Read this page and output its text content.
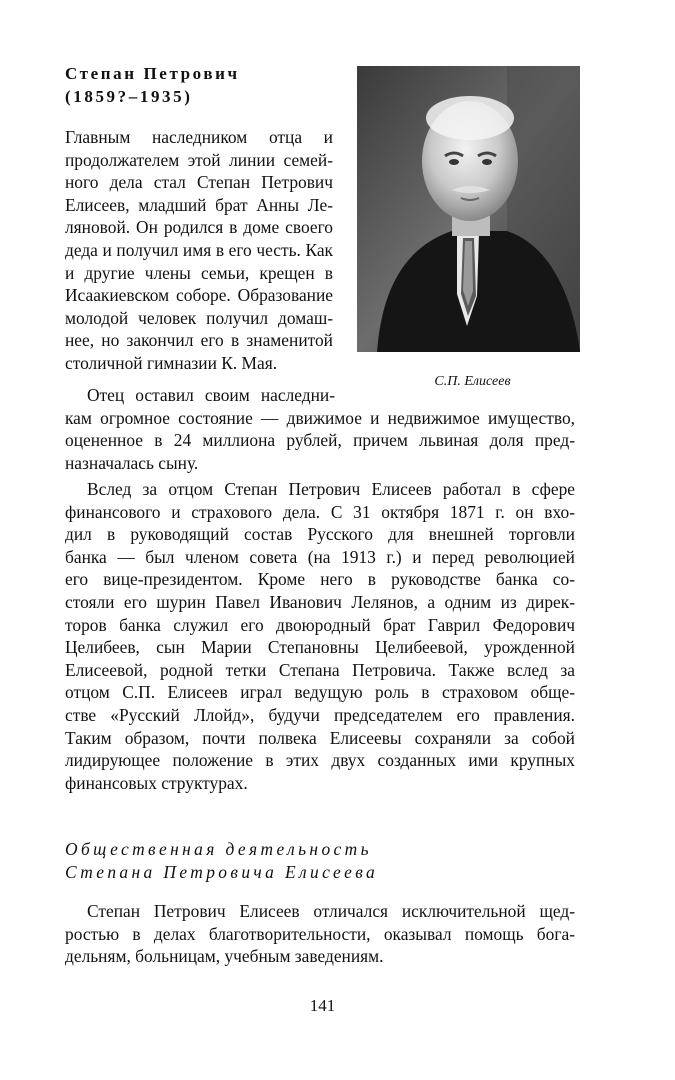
Степан Петрович

(1859?–1935)

С.П. Елисеев
Главным наследником отца и
продолжателем этой линии семей-
ного дела стал Степан Петрович
Елисеев, младший брат Анны Ле-
ляновой. Он родился в доме своего
деда и получил имя в его честь. Как
и другие члены семьи, крещен в
Исаакиевском соборе. Образование
молодой человек получил домаш-
нее, но закончил его в знаменитой
столичной гимназии К. Мая.
Отец оставил своим наследни-
кам огромное состояние — движимое и недвижимое имущество,
оцененное в 24 миллиона рублей, причем львиная доля пред-
назначалась сыну.
Вслед за отцом Степан Петрович Елисеев работал в сфере
финансового и страхового дела. С 31 октября 1871 г. он вхо-
дил в руководящий состав Русского для внешней торговли
банка — был членом совета (на 1913 г.) и перед революцией
его вице-президентом. Кроме него в руководстве банка со-
стояли его шурин Павел Иванович Лелянов, а одним из дирек-
торов банка служил его двоюродный брат Гаврил Федорович
Целибеев, сын Марии Степановны Целибеевой, урожденной
Елисеевой, родной тетки Степана Петровича. Также вслед за
отцом С.П. Елисеев играл ведущую роль в страховом обще-
стве «Русский Ллойд», будучи председателем его правления.
Таким образом, почти полвека Елисеевы сохраняли за собой
лидирующее положение в этих двух созданных ими крупных
финансовых структурах.
Общественная деятельность
Степана Петровича Елисеева
Степан Петрович Елисеев отличался исключительной щед-
ростью в делах благотворительности, оказывал помощь бога-
дельням, больницам, учебным заведениям.
141
